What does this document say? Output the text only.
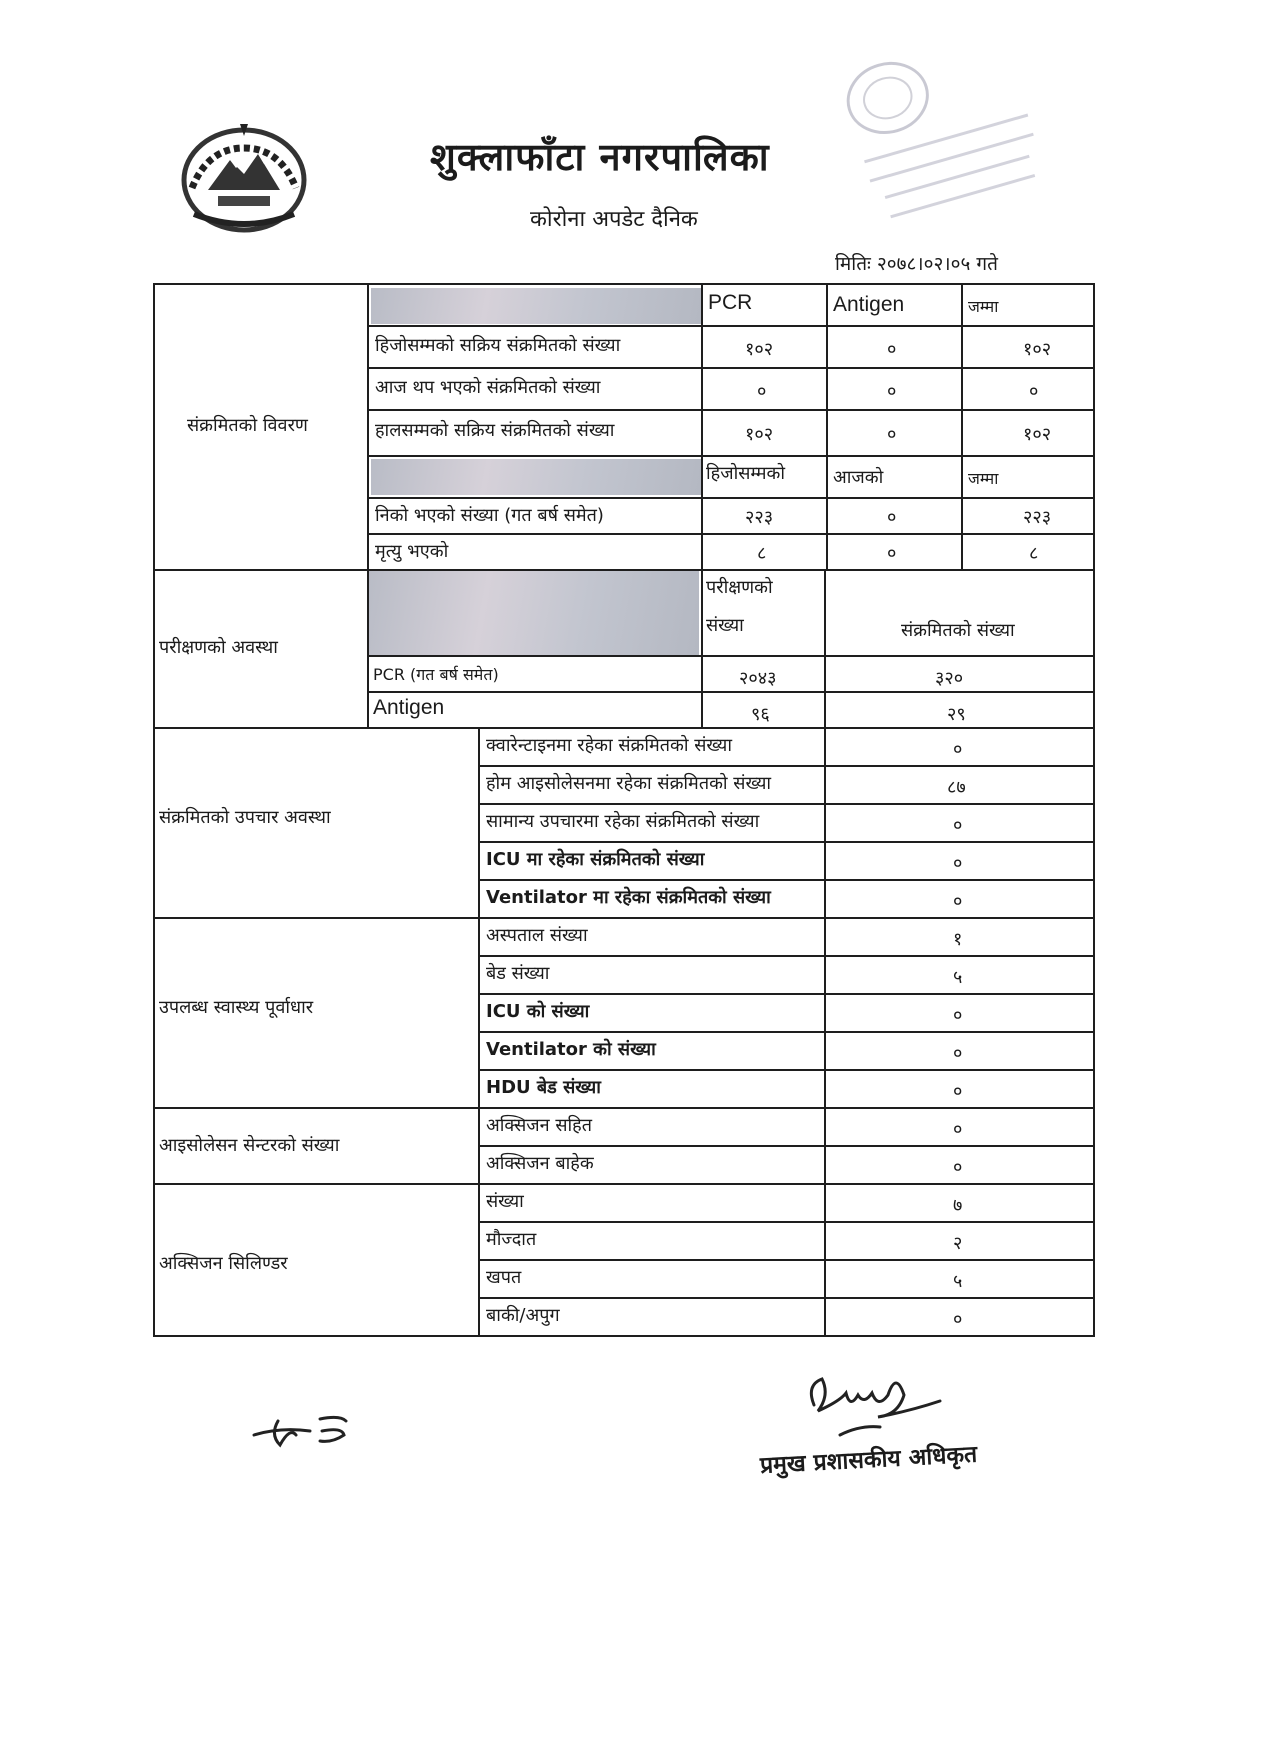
शुक्लाफाँटा नगरपालिका
कोरोना अपडेट दैनिक
मितिः २०७८।०२।०५ गते
संक्रमितको विवरण
PCR	Antigen	जम्मा
हिजोसम्मको सक्रिय संक्रमितको संख्या	१०२	०	१०२
आज थप भएको संक्रमितको संख्या	०	०	०
हालसम्मको सक्रिय संक्रमितको संख्या	१०२	०	१०२
हिजोसम्मको	आजको	जम्मा
निको भएको संख्या (गत बर्ष समेत)	२२३	०	२२३
मृत्यु भएको	८	०	८
परीक्षणको अवस्था
परीक्षणको
संख्या	संक्रमितको संख्या
PCR (गत बर्ष समेत)	२०४३	३२०
Antigen	९६	२९
संक्रमितको उपचार अवस्था
क्वारेन्टाइनमा रहेका संक्रमितको संख्या	०
होम आइसोलेसनमा रहेका संक्रमितको संख्या	८७
सामान्य उपचारमा रहेका संक्रमितको संख्या	०
ICU मा रहेका संक्रमितको संख्या	०
Ventilator मा रहेका संक्रमितको संख्या	०
उपलब्ध स्वास्थ्य पूर्वाधार
अस्पताल संख्या	१
बेड संख्या	५
ICU को संख्या	०
Ventilator को संख्या	०
HDU बेड संख्या	०
आइसोलेसन सेन्टरको संख्या
अक्सिजन सहित	०
अक्सिजन बाहेक	०
अक्सिजन सिलिण्डर
संख्या	७
मौज्दात	२
खपत	५
बाकी/अपुग	०
प्रमुख प्रशासकीय अधिकृत
